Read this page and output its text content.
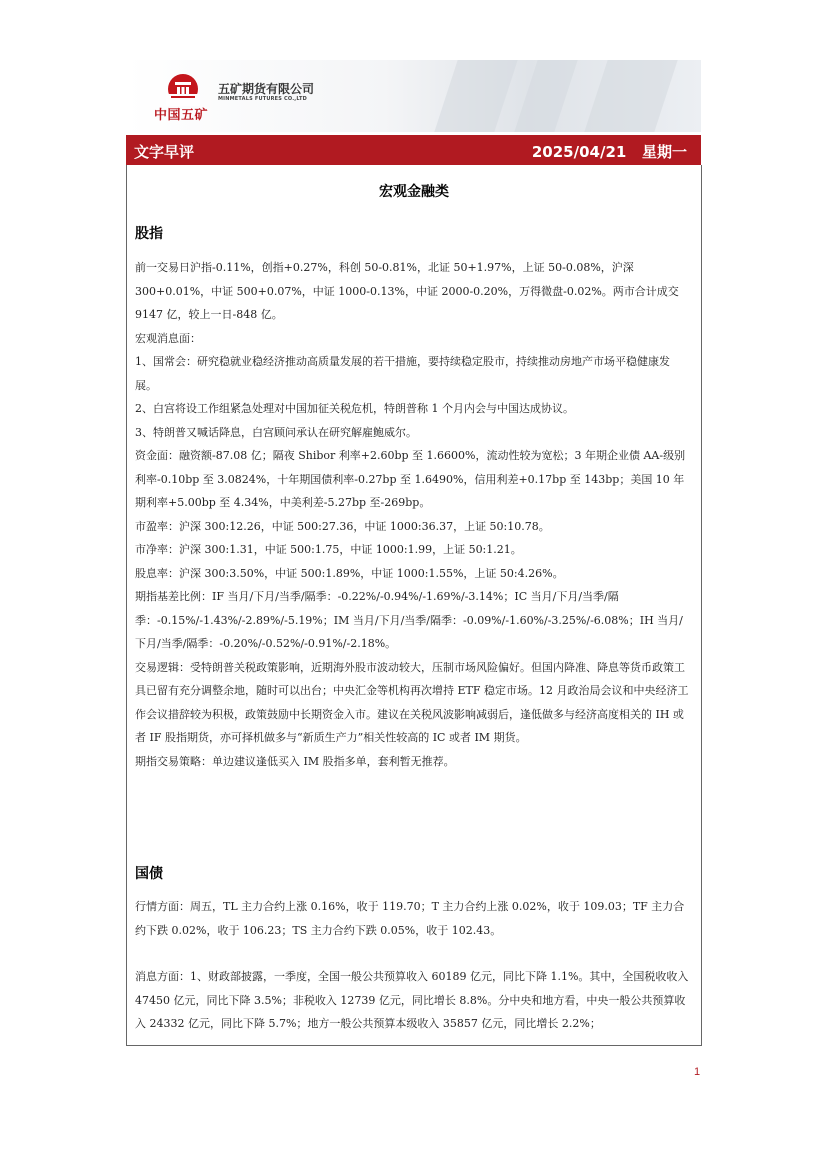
中国五矿
五矿期货有限公司
MINMETALS FUTURES CO.,LTD
文字早评	2025/04/21 星期一
宏观金融类
股指

前一交易日沪指-0.11%，创指+0.27%，科创 50-0.81%，北证 50+1.97%，上证 50-0.08%，沪深 300+0.01%，中证 500+0.07%，中证 1000-0.13%，中证 2000-0.20%，万得微盘-0.02%。两市合计成交 9147 亿，较上一日-848 亿。

宏观消息面：

1、国常会：研究稳就业稳经济推动高质量发展的若干措施，要持续稳定股市，持续推动房地产市场平稳健康发展。

2、白宫将设工作组紧急处理对中国加征关税危机，特朗普称 1 个月内会与中国达成协议。

3、特朗普又喊话降息，白宫顾问承认在研究解雇鲍威尔。

资金面：融资额-87.08 亿；隔夜 Shibor 利率+2.60bp 至 1.6600%，流动性较为宽松；3 年期企业债 AA-级别利率-0.10bp 至 3.0824%，十年期国债利率-0.27bp 至 1.6490%，信用利差+0.17bp 至 143bp；美国 10 年期利率+5.00bp 至 4.34%，中美利差-5.27bp 至-269bp。

市盈率：沪深 300:12.26，中证 500:27.36，中证 1000:36.37，上证 50:10.78。

市净率：沪深 300:1.31，中证 500:1.75，中证 1000:1.99，上证 50:1.21。

股息率：沪深 300:3.50%，中证 500:1.89%，中证 1000:1.55%，上证 50:4.26%。

期指基差比例：IF 当月/下月/当季/隔季：-0.22%/-0.94%/-1.69%/-3.14%；IC 当月/下月/当季/隔季：-0.15%/-1.43%/-2.89%/-5.19%；IM 当月/下月/当季/隔季：-0.09%/-1.60%/-3.25%/-6.08%；IH 当月/下月/当季/隔季：-0.20%/-0.52%/-0.91%/-2.18%。

交易逻辑：受特朗普关税政策影响，近期海外股市波动较大，压制市场风险偏好。但国内降准、降息等货币政策工具已留有充分调整余地，随时可以出台；中央汇金等机构再次增持 ETF 稳定市场。12 月政治局会议和中央经济工作会议措辞较为积极，政策鼓励中长期资金入市。建议在关税风波影响减弱后，逢低做多与经济高度相关的 IH 或者 IF 股指期货，亦可择机做多与“新质生产力”相关性较高的 IC 或者 IM 期货。

期指交易策略：单边建议逢低买入 IM 股指多单，套利暂无推荐。

国债

行情方面：周五，TL 主力合约上涨 0.16%，收于 119.70；T 主力合约上涨 0.02%，收于 109.03；TF 主力合约下跌 0.02%，收于 106.23；TS 主力合约下跌 0.05%，收于 102.43。

消息方面：1、财政部披露，一季度，全国一般公共预算收入 60189 亿元，同比下降 1.1%。其中，全国税收收入 47450 亿元，同比下降 3.5%；非税收入 12739 亿元，同比增长 8.8%。分中央和地方看，中央一般公共预算收入 24332 亿元，同比下降 5.7%；地方一般公共预算本级收入 35857 亿元，同比增长 2.2%；

1
